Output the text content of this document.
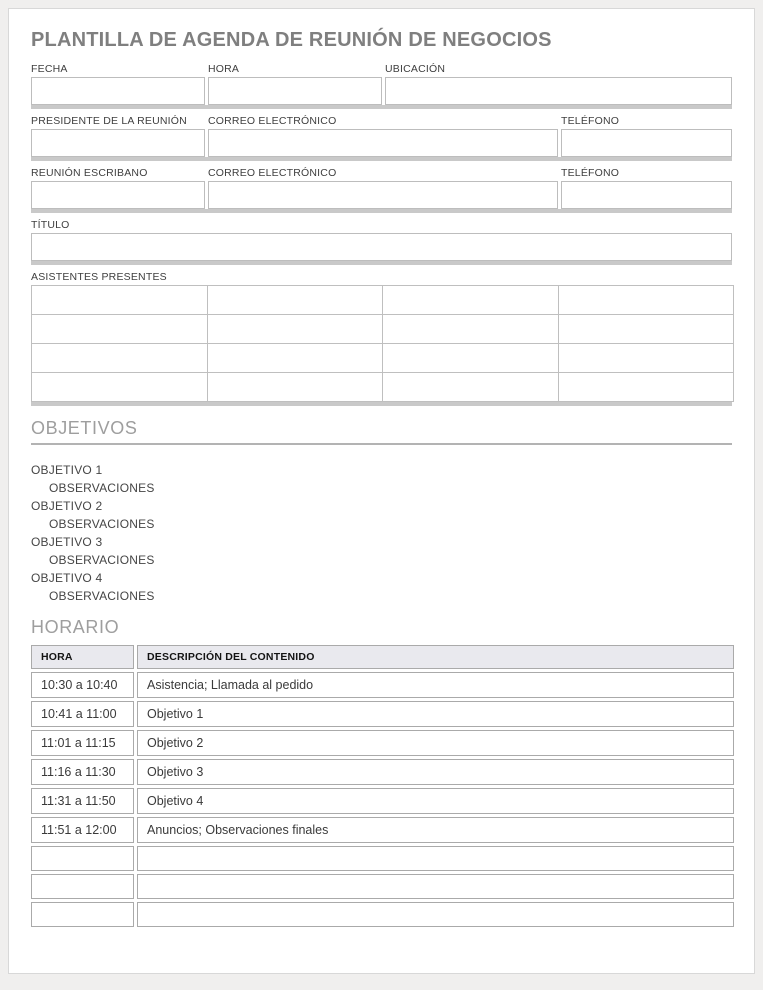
PLANTILLA DE AGENDA DE REUNIÓN DE NEGOCIOS
FECHA	HORA	UBICACIÓN
PRESIDENTE DE LA REUNIÓN	CORREO ELECTRÓNICO	TELÉFONO
REUNIÓN ESCRIBANO	CORREO ELECTRÓNICO	TELÉFONO
TÍTULO
ASISTENTES PRESENTES
OBJETIVOS
OBJETIVO 1
OBSERVACIONES
OBJETIVO 2
OBSERVACIONES
OBJETIVO 3
OBSERVACIONES
OBJETIVO 4
OBSERVACIONES
HORARIO
HORA	DESCRIPCIÓN DEL CONTENIDO
10:30 a 10:40	Asistencia; Llamada al pedido
10:41 a 11:00	Objetivo 1
11:01 a 11:15	Objetivo 2
11:16 a 11:30	Objetivo 3
11:31 a 11:50	Objetivo 4
11:51 a 12:00	Anuncios; Observaciones finales
